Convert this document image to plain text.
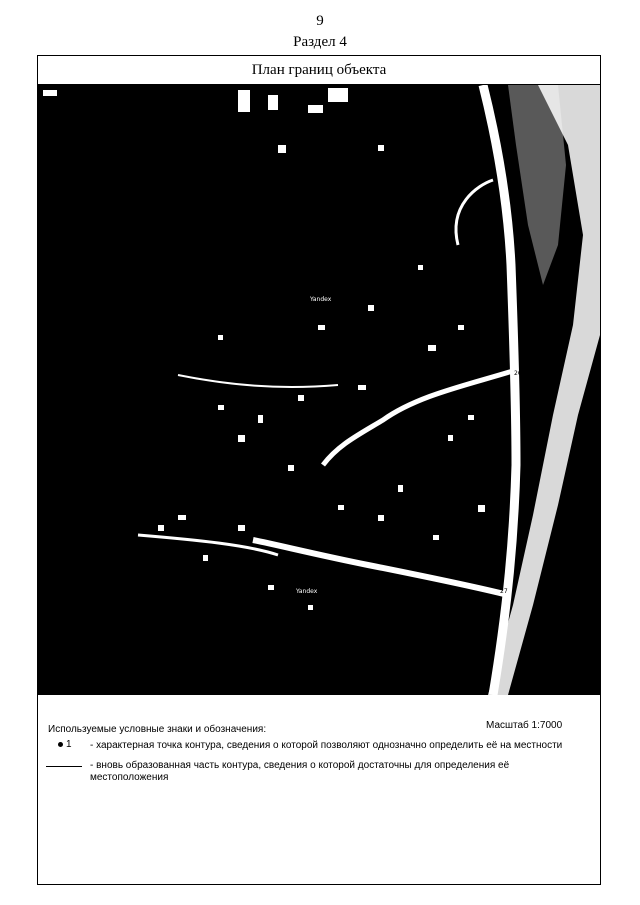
9
Раздел 4
План границ объекта
Yandex
Yandex
26
27
Используемые условные знаки и обозначения:	Масштаб 1:7000
1 - характерная точка контура, сведения о которой позволяют однозначно определить её на местности
- вновь образованная часть контура, сведения о которой достаточны для определения её местоположения
